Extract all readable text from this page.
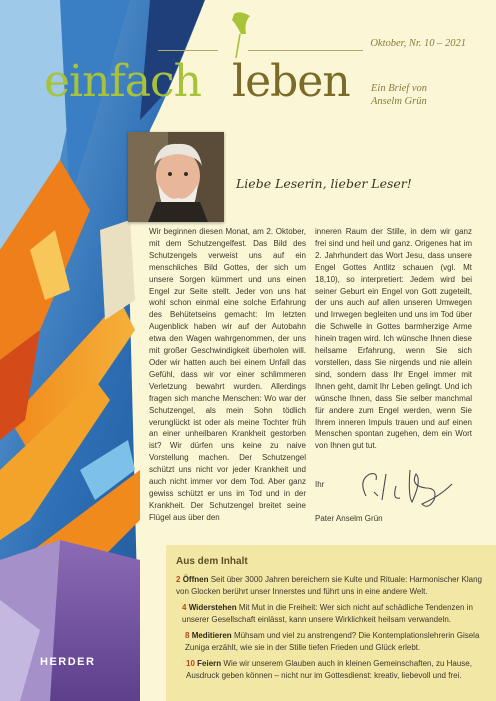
Oktober, Nr. 10 – 2021
einfach leben Ein Brief von
Anselm Grün
Liebe Leserin, lieber Leser!

Wir beginnen diesen Monat, am 2. Oktober, mit dem Schutzengelfest. Das Bild des Schutzengels verweist uns auf ein menschliches Bild Gottes, der sich um unsere Sorgen kümmert und uns einen Engel zur Seite stellt. Jeder von uns hat wohl schon einmal eine solche Erfahrung des Behütetseins gemacht: Im letzten Augenblick haben wir auf der Autobahn etwa den Wagen wahrgenommen, der uns mit großer Geschwindigkeit überholen will. Oder wir hatten auch bei einem Unfall das Gefühl, dass wir vor einer schlimmeren Verletzung bewahrt wurden. Allerdings fragen sich manche Menschen: Wo war der Schutzengel, als mein Sohn tödlich verunglückt ist oder als meine Tochter früh an einer unheilbaren Krankheit gestorben ist? Wir dürfen uns keine zu naive Vorstellung machen. Der Schutzengel schützt uns nicht vor jeder Krankheit und auch nicht immer vor dem Tod. Aber ganz gewiss schützt er uns im Tod und in der Krankheit. Der Schutzengel breitet seine Flügel aus über den

inneren Raum der Stille, in dem wir ganz frei sind und heil und ganz. Origenes hat im 2. Jahrhundert das Wort Jesu, dass unsere Engel Gottes Antlitz schauen (vgl. Mt 18,10), so interpretiert: Jedem wird bei seiner Geburt ein Engel von Gott zugeteilt, der uns auch auf allen unseren Umwegen und Irrwegen begleiten und uns im Tod über die Schwelle in Gottes barmherzige Arme hinein tragen wird. Ich wünsche Ihnen diese heilsame Erfahrung, wenn Sie sich vorstellen, dass Sie nirgends und nie allein sind, sondern dass Ihr Engel immer mit Ihnen geht, damit Ihr Leben gelingt. Und ich wünsche Ihnen, dass Sie selber manchmal für andere zum Engel werden, wenn Sie Ihrem inneren Impuls trauen und auf einen Menschen spontan zugehen, dem ein Wort von Ihnen gut tut.

Ihr
Pater Anselm Grün
Aus dem Inhalt
2 Öffnen Seit über 3000 Jahren bereichern sie Kulte und Rituale: Harmonischer Klang von Glocken berührt unser Innerstes und führt uns in eine andere Welt.
4 Widerstehen Mit Mut in die Freiheit: Wer sich nicht auf schädliche Tendenzen in unserer Gesellschaft einlässt, kann unsere Wirklichkeit heilsam verwandeln.
8 Meditieren Mühsam und viel zu anstrengend? Die Kontemplationslehrerin Gisela Zuniga erzählt, wie sie in der Stille tiefen Frieden und Glück erlebt.
10 Feiern Wie wir unserem Glauben auch in kleinen Gemeinschaften, zu Hause, Ausdruck geben können – nicht nur im Gottesdienst: kreativ, liebevoll und frei.
HERDER
